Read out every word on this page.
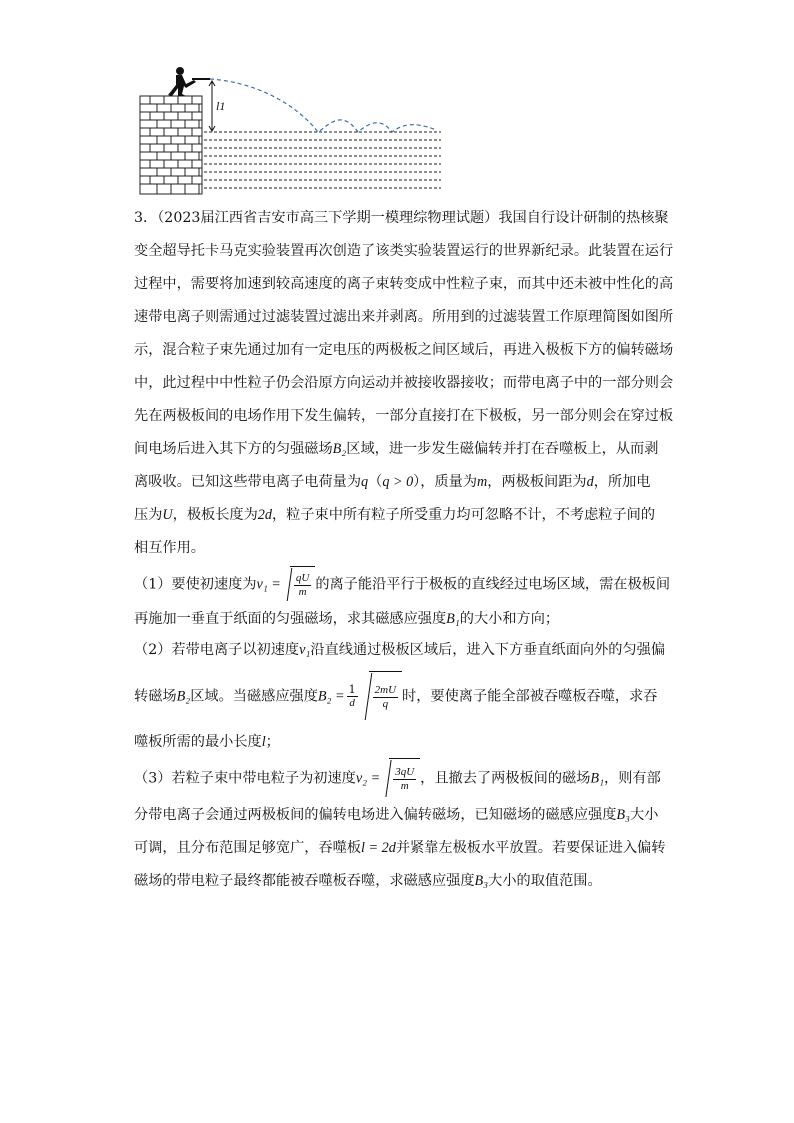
l1

3．（2023届江西省吉安市高三下学期一模理综物理试题）我国自行设计研制的热核聚

变全超导托卡马克实验装置再次创造了该类实验装置运行的世界新纪录。此装置在运行

过程中，需要将加速到较高速度的离子束转变成中性粒子束，而其中还未被中性化的高

速带电离子则需通过过滤装置过滤出来并剥离。所用到的过滤装置工作原理简图如图所

示，混合粒子束先通过加有一定电压的两极板之间区域后，再进入极板下方的偏转磁场

中，此过程中中性粒子仍会沿原方向运动并被接收器接收；而带电离子中的一部分则会

先在两极板间的电场作用下发生偏转，一部分直接打在下极板，另一部分则会在穿过板

间电场后进入其下方的匀强磁场B₂区域，进一步发生磁偏转并打在吞噬板上，从而剥

离吸收。已知这些带电离子电荷量为q（q > 0），质量为m，两极板间距为d，所加电

压为U，极板长度为2d，粒子束中所有粒子所受重力均可忽略不计，不考虑粒子间的

相互作用。

（1）要使初速度为$v_1 = \frac{qU}{m}$ 的离子能沿平行于极板的直线经过电场区域，需在极板间

再施加一垂直于纸面的匀强磁场，求其磁感应强度B₁的大小和方向；

（2）若带电离子以初速度v₁沿直线通过极板区域后，进入下方垂直纸面向外的匀强偏

转磁场B₂区域。当磁感应强度$B_2 = \frac{1}{d} \frac{2mU}{q}$ 时，要使离子能全部被吞噬板吞噬，求吞

噬板所需的最小长度l；

（3）若粒子束中带电粒子为初速度$v_2 = \frac{3qU}{m}$ ，且撤去了两极板间的磁场B₁，则有部

分带电离子会通过两极板间的偏转电场进入偏转磁场，已知磁场的磁感应强度B₃大小

可调，且分布范围足够宽广，吞噬板l = 2d并紧靠左极板水平放置。若要保证进入偏转

磁场的带电粒子最终都能被吞噬板吞噬，求磁感应强度B₃大小的取值范围。
